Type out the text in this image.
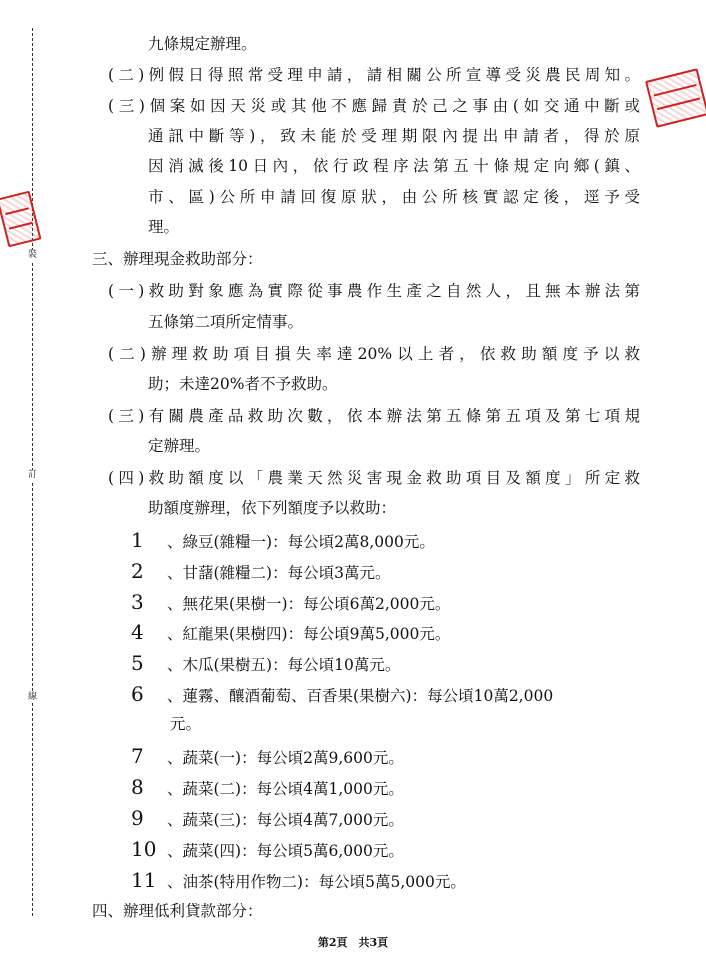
裝
訂
線
九條規定辦理。
(二)例假日得照常受理申請，請相關公所宣導受災農民周知。
(三)個案如因天災或其他不應歸責於己之事由(如交通中斷或
通訊中斷等)，致未能於受理期限內提出申請者，得於原
因消滅後10日內，依行政程序法第五十條規定向鄉(鎮、
市、區)公所申請回復原狀，由公所核實認定後，逕予受
理。
三、辦理現金救助部分：
(一)救助對象應為實際從事農作生產之自然人，且無本辦法第
五條第二項所定情事。
(二)辦理救助項目損失率達20%以上者，依救助額度予以救
助；未達20%者不予救助。
(三)有關農產品救助次數，依本辦法第五條第五項及第七項規
定辦理。
(四)救助額度以「農業天然災害現金救助項目及額度」所定救
助額度辦理，依下列額度予以救助：
1 、綠豆(雜糧一)：每公頃2萬8,000元。
2 、甘藷(雜糧二)：每公頃3萬元。
3 、無花果(果樹一)：每公頃6萬2,000元。
4 、紅龍果(果樹四)：每公頃9萬5,000元。
5 、木瓜(果樹五)：每公頃10萬元。
6 、蓮霧、釀酒葡萄、百香果(果樹六)：每公頃10萬2,000
元。
7 、蔬菜(一)：每公頃2萬9,600元。
8 、蔬菜(二)：每公頃4萬1,000元。
9 、蔬菜(三)：每公頃4萬7,000元。
10 、蔬菜(四)：每公頃5萬6,000元。
11 、油茶(特用作物二)：每公頃5萬5,000元。
四、辦理低利貸款部分：
第2頁　共3頁
